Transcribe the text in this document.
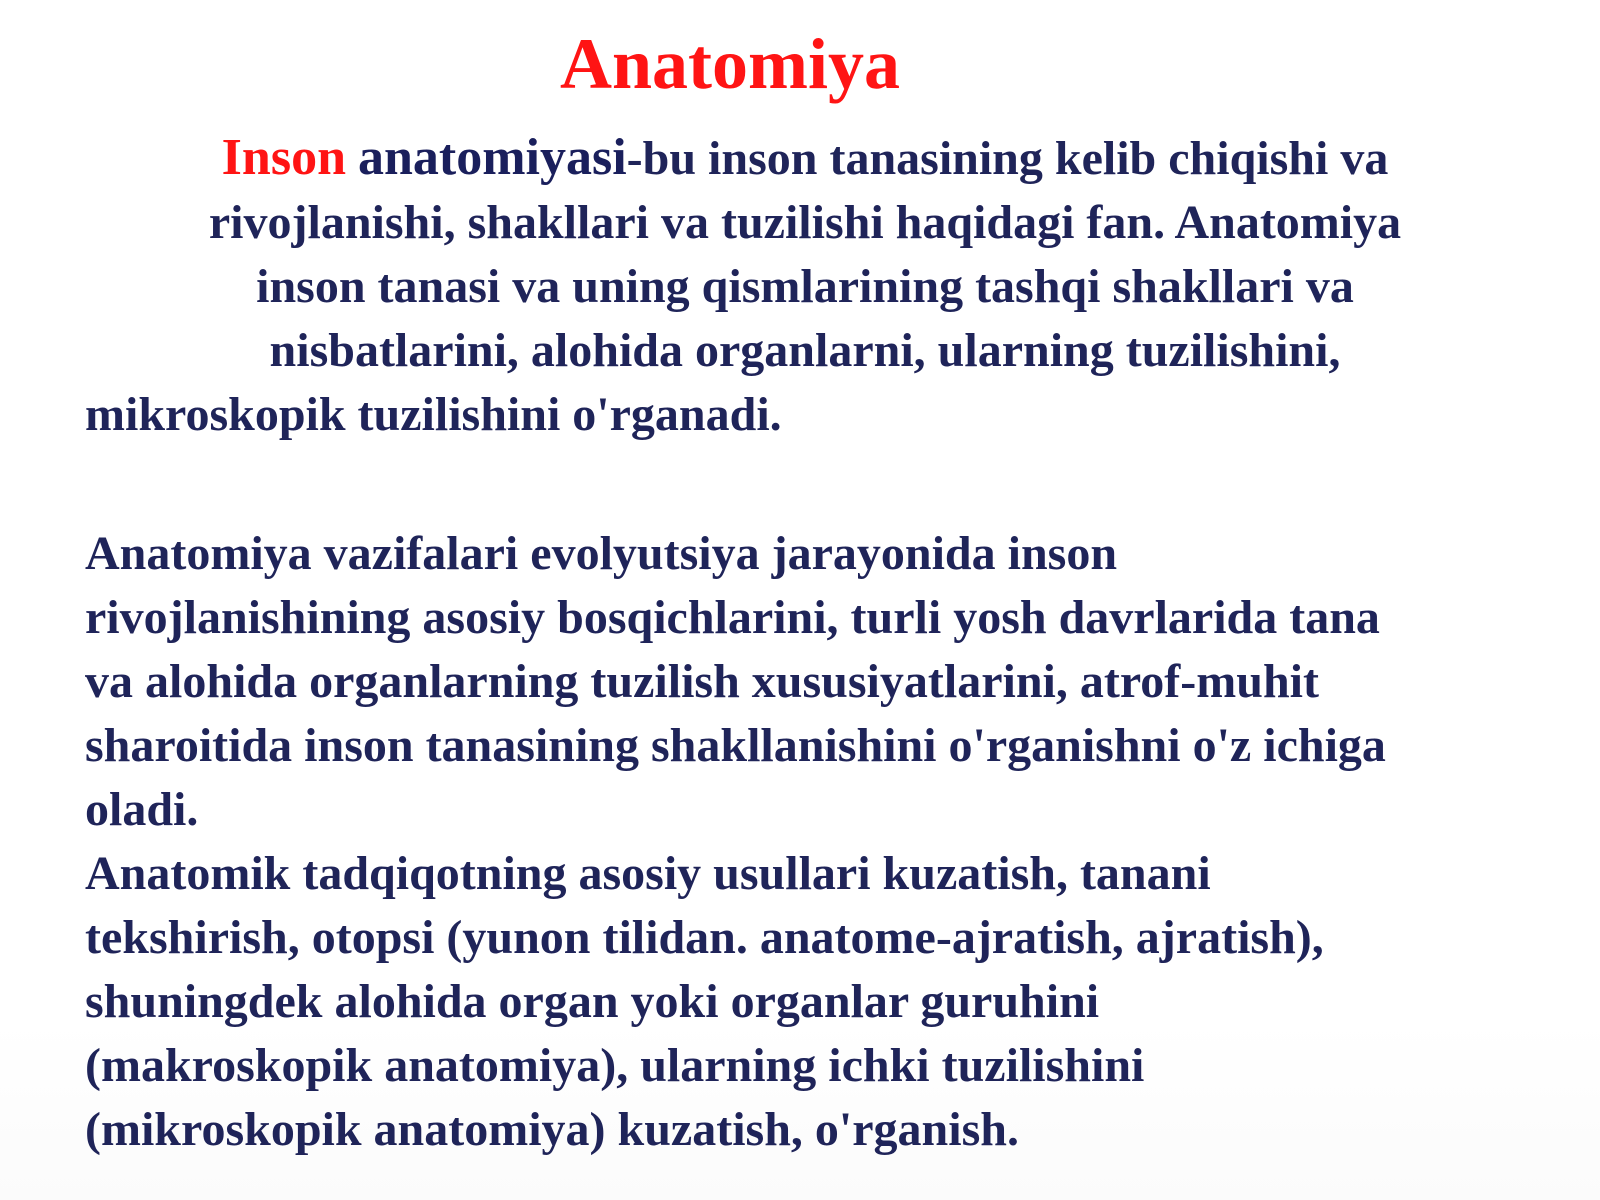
Anatomiya
Inson anatomiyasi-bu inson tanasining kelib chiqishi va
rivojlanishi, shakllari va tuzilishi haqidagi fan. Anatomiya
inson tanasi va uning qismlarining tashqi shakllari va
nisbatlarini, alohida organlarni, ularning tuzilishini,
mikroskopik tuzilishini o'rganadi.
Anatomiya vazifalari evolyutsiya jarayonida inson
rivojlanishining asosiy bosqichlarini, turli yosh davrlarida tana
va alohida organlarning tuzilish xususiyatlarini, atrof-muhit
sharoitida inson tanasining shakllanishini o'rganishni o'z ichiga
oladi.
Anatomik tadqiqotning asosiy usullari kuzatish, tanani
tekshirish, otopsi (yunon tilidan. anatome-ajratish, ajratish),
shuningdek alohida organ yoki organlar guruhini
(makroskopik anatomiya), ularning ichki tuzilishini
(mikroskopik anatomiya) kuzatish, o'rganish.
